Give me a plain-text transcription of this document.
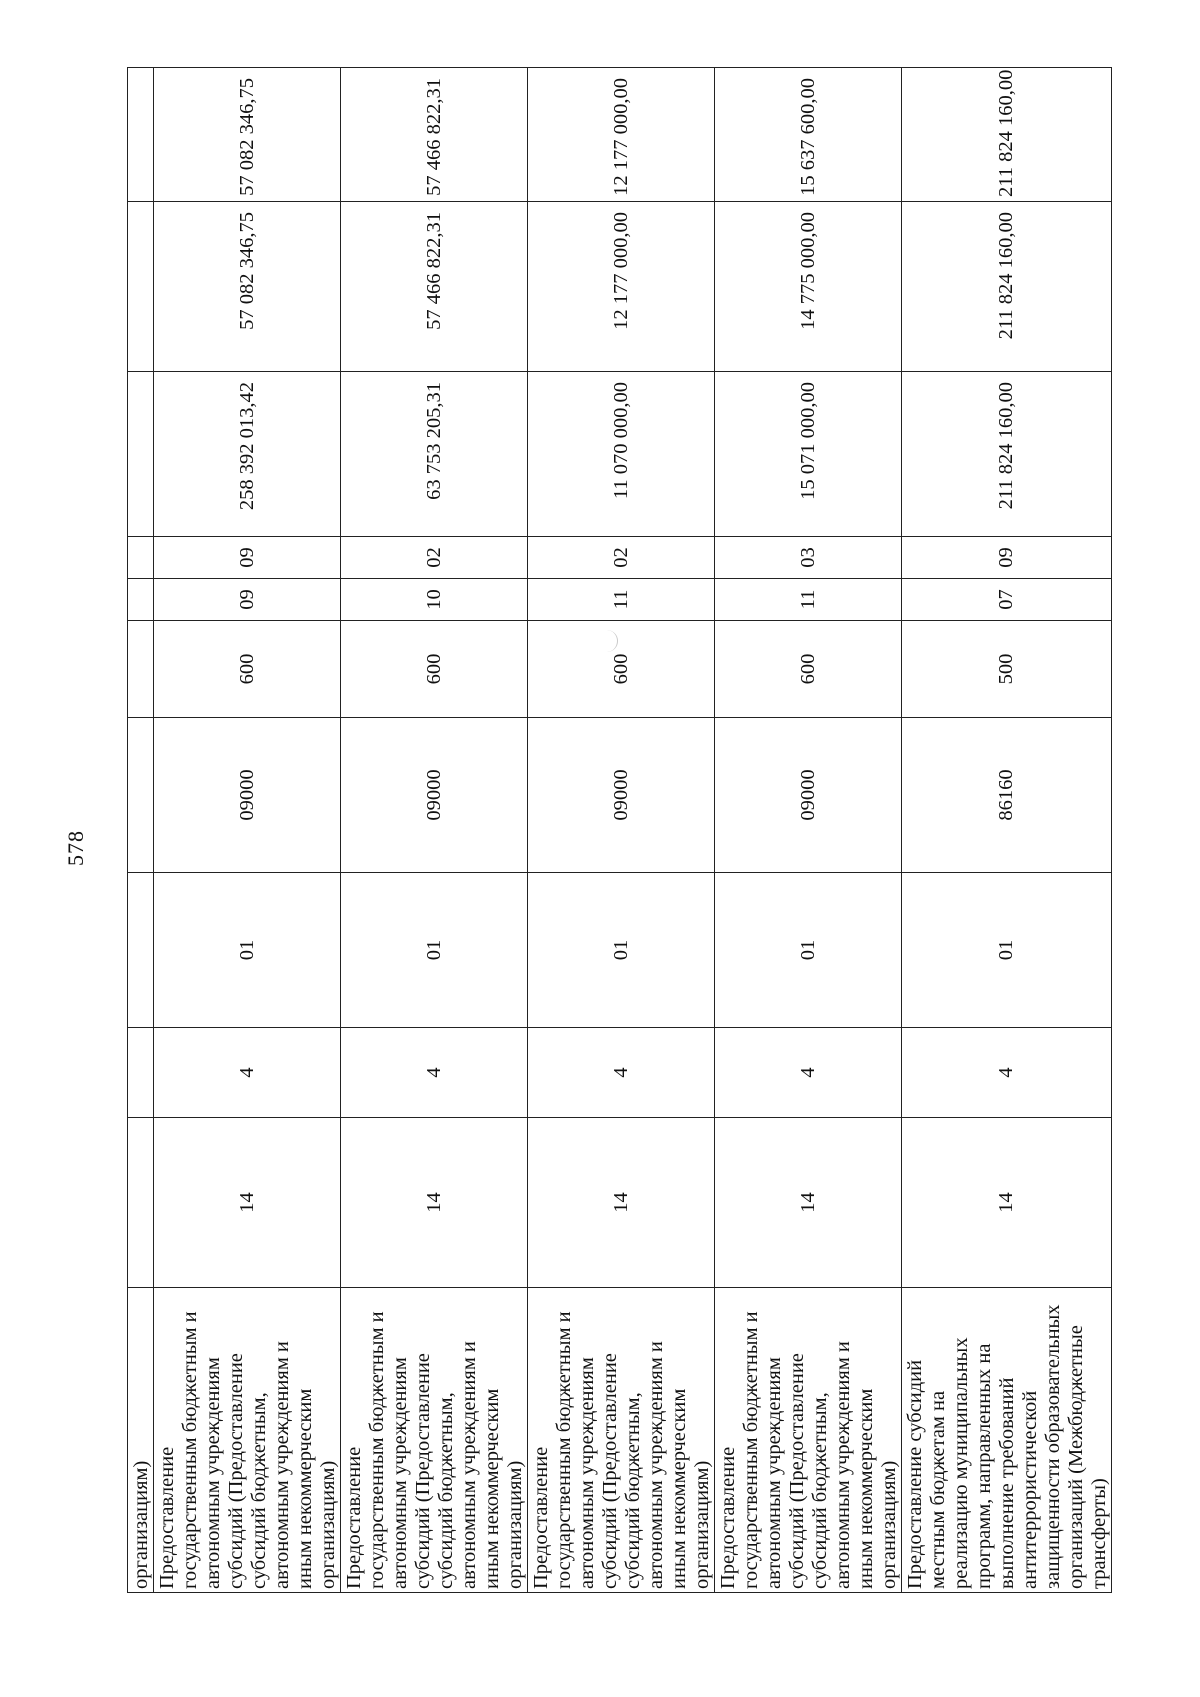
578
организациям)										
Предоставление государственным бюджетным и автономным учреждениям субсидий (Предоставление субсидий бюджетным, автономным учреждениям и иным некоммерческим организациям)	14	4	01	09000	600	09	09	258 392 013,42	57 082 346,75	57 082 346,75
Предоставление государственным бюджетным и автономным учреждениям субсидий (Предоставление субсидий бюджетным, автономным учреждениям и иным некоммерческим организациям)	14	4	01	09000	600	10	02	63 753 205,31	57 466 822,31	57 466 822,31
Предоставление государственным бюджетным и автономным учреждениям субсидий (Предоставление субсидий бюджетным, автономным учреждениям и иным некоммерческим организациям)	14	4	01	09000	600	11	02	11 070 000,00	12 177 000,00	12 177 000,00
Предоставление государственным бюджетным и автономным учреждениям субсидий (Предоставление субсидий бюджетным, автономным учреждениям и иным некоммерческим организациям)	14	4	01	09000	600	11	03	15 071 000,00	14 775 000,00	15 637 600,00
Предоставление субсидий местным бюджетам на реализацию муниципальных программ, направленных на выполнение требований антитеррористической защищенности образовательных организаций (Межбюджетные трансферты)	14	4	01	86160	500	07	09	211 824 160,00	211 824 160,00	211 824 160,00
